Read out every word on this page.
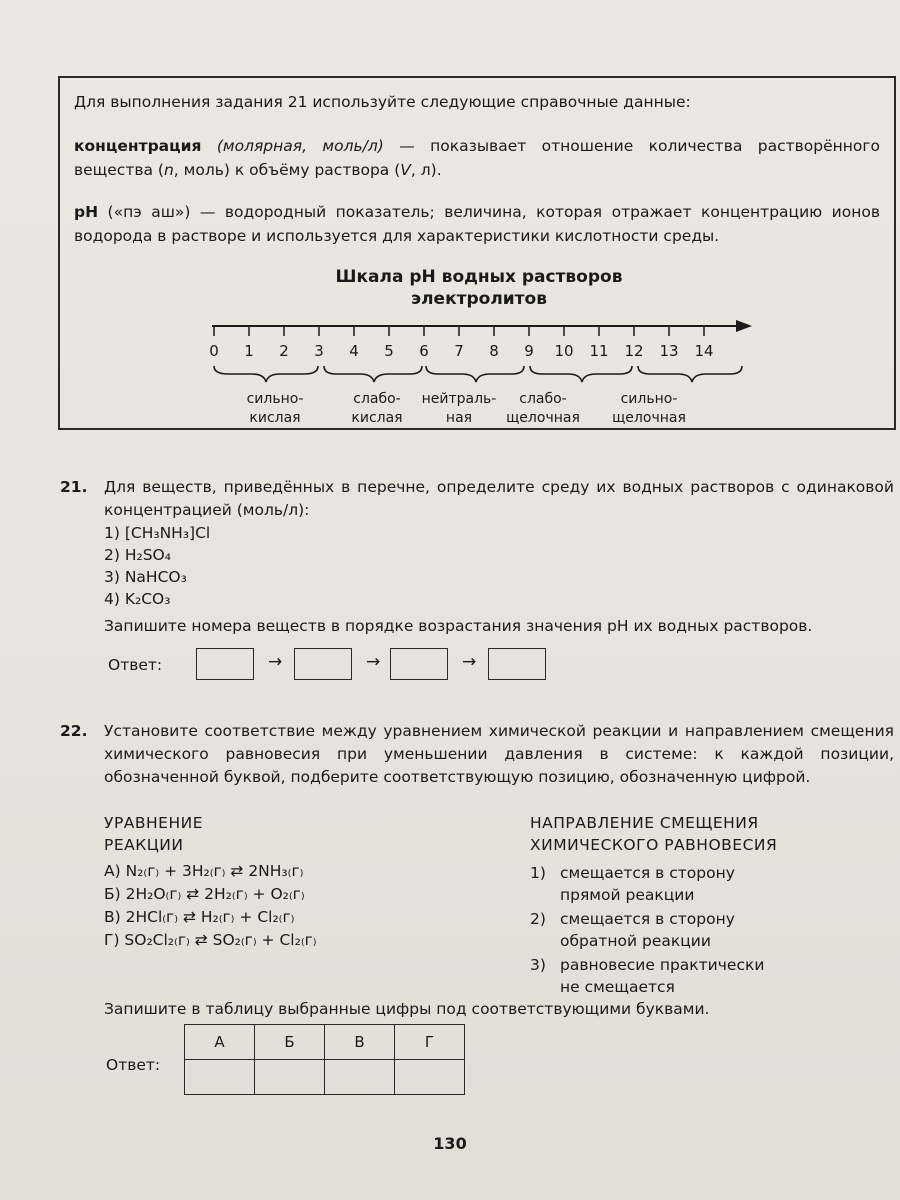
Для выполнения задания 21 используйте следующие справочные данные:

концентрация (молярная, моль/л) — показывает отношение количества растворённого вещества (n, моль) к объёму раствора (V, л).

pH («пэ аш») — водородный показатель; величина, которая отражает концентрацию ионов водорода в растворе и используется для характеристики кислотности среды.

Шкала pH водных растворов
электролитов
0 1 2 3 4 5 6 7 8 9 10 11 12 13 14
сильно-
кислая
слабо-
кислая
нейтраль-
ная
слабо-
щелочная
сильно-
щелочная
21. Для веществ, приведённых в перечне, определите среду их водных растворов с одинаковой концентрацией (моль/л):
1) [CH₃NH₃]Cl
2) H₂SO₄
3) NaHCO₃
4) K₂CO₃
Запишите номера веществ в порядке возрастания значения pH их водных растворов.
Ответ:	→	→	→
22. Установите соответствие между уравнением химической реакции и направлением смещения химического равновесия при уменьшении давления в системе: к каждой позиции, обозначенной буквой, подберите соответствующую позицию, обозначенную цифрой.
УРАВНЕНИЕ
РЕАКЦИИ
НАПРАВЛЕНИЕ СМЕЩЕНИЯ
ХИМИЧЕСКОГО РАВНОВЕСИЯ
А) N₂₍г₎ + 3H₂₍г₎ ⇄ 2NH₃₍г₎
Б) 2H₂O₍г₎ ⇄ 2H₂₍г₎ + O₂₍г₎
В) 2HCl₍г₎ ⇄ H₂₍г₎ + Cl₂₍г₎
Г) SO₂Cl₂₍г₎ ⇄ SO₂₍г₎ + Cl₂₍г₎
1) смещается в сторону
прямой реакции
2) смещается в сторону
обратной реакции
3) равновесие практически
не смещается
Запишите в таблицу выбранные цифры под соответствующими буквами.
Ответ:
А	Б	В	Г

130
